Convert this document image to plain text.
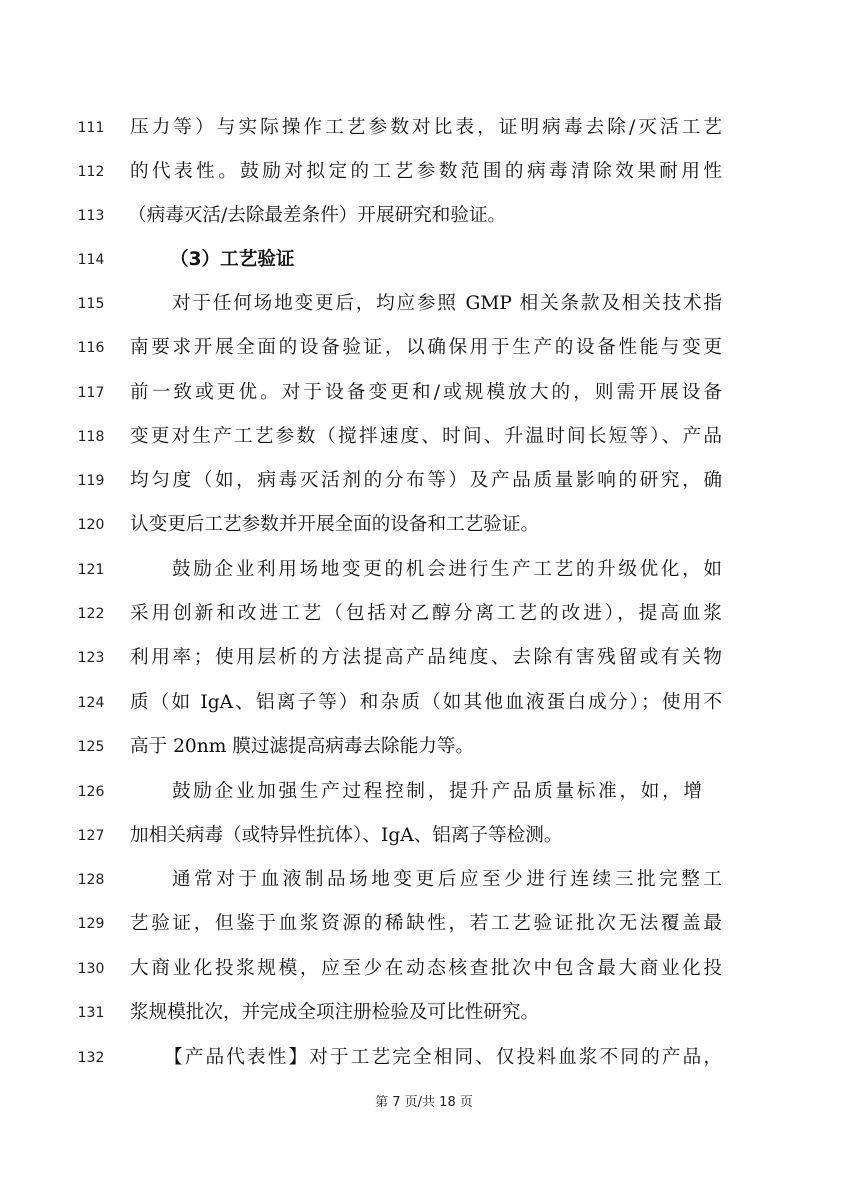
111	压力等）与实际操作工艺参数对比表，证明病毒去除/灭活工艺
112	的代表性。鼓励对拟定的工艺参数范围的病毒清除效果耐用性
113	（病毒灭活/去除最差条件）开展研究和验证。
114	（3）工艺验证
115	对于任何场地变更后，均应参照 GMP 相关条款及相关技术指
116	南要求开展全面的设备验证，以确保用于生产的设备性能与变更
117	前一致或更优。对于设备变更和/或规模放大的，则需开展设备
118	变更对生产工艺参数（搅拌速度、时间、升温时间长短等）、产品
119	均匀度（如，病毒灭活剂的分布等）及产品质量影响的研究，确
120	认变更后工艺参数并开展全面的设备和工艺验证。
121	鼓励企业利用场地变更的机会进行生产工艺的升级优化，如
122	采用创新和改进工艺（包括对乙醇分离工艺的改进），提高血浆
123	利用率；使用层析的方法提高产品纯度、去除有害残留或有关物
124	质（如 IgA、铝离子等）和杂质（如其他血液蛋白成分）；使用不
125	高于 20nm 膜过滤提高病毒去除能力等。
126	鼓励企业加强生产过程控制，提升产品质量标准，如，增
127	加相关病毒（或特异性抗体）、IgA、铝离子等检测。
128	通常对于血液制品场地变更后应至少进行连续三批完整工
129	艺验证，但鉴于血浆资源的稀缺性，若工艺验证批次无法覆盖最
130	大商业化投浆规模，应至少在动态核查批次中包含最大商业化投
131	浆规模批次，并完成全项注册检验及可比性研究。
132	【产品代表性】对于工艺完全相同、仅投料血浆不同的产品，
第 7 页/共 18 页
